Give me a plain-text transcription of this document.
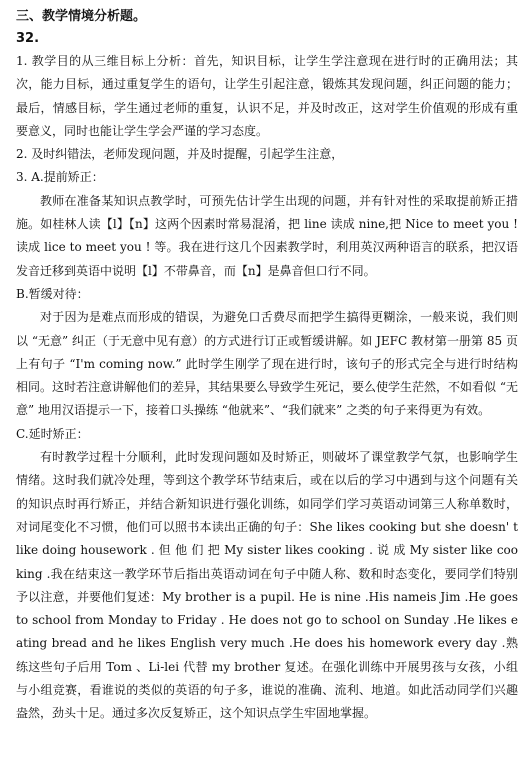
三、教学情境分析题。
32.

1. 教学目的从三维目标上分析：首先，知识目标，让学生学注意现在进行时的正确用法；其次，能力目标，通过重复学生的语句，让学生引起注意，锻炼其发现问题，纠正问题的能力；最后，情感目标，学生通过老师的重复，认识不足，并及时改正，这对学生价值观的形成有重要意义，同时也能让学生学会严谨的学习态度。

2. 及时纠错法，老师发现问题，并及时提醒，引起学生注意，

3. A.提前矫正：

教师在准备某知识点教学时，可预先估计学生出现的问题，并有针对性的采取提前矫正措施。如桂林人读【l】【n】这两个因素时常易混淆，把 line 读成 nine,把 Nice to meet you ! 读成 lice to meet you ! 等。我在进行这几个因素教学时，利用英汉两种语言的联系，把汉语发音迁移到英语中说明【l】不带鼻音，而【n】是鼻音但口行不同。

B.暂缓对待：

对于因为是难点而形成的错误，为避免口舌费尽而把学生搞得更糊涂，一般来说，我们则以 “无意” 纠正（于无意中见有意）的方式进行订正或暂缓讲解。如 JEFC 教材第一册第 85 页上有句子 “I'm coming now.” 此时学生刚学了现在进行时，该句子的形式完全与进行时结构相同。这时若注意讲解他们的差异，其结果要么导致学生死记，要么使学生茫然，不如看似 “无意” 地用汉语提示一下，接着口头操练 “他就来”、“我们就来” 之类的句子来得更为有效。

C.延时矫正：

有时教学过程十分顺利，此时发现问题如及时矫正，则破坏了课堂教学气氛，也影响学生情绪。这时我们就冷处理，等到这个教学环节结束后，或在以后的学习中遇到与这个问题有关的知识点时再行矫正，并结合新知识进行强化训练，如同学们学习英语动词第三人称单数时，对词尾变化不习惯，他们可以照书本读出正确的句子：She likes cooking but she doesn' t like doing housework . 但 他 们 把 My sister likes cooking . 说 成 My sister like cooking .我在结束这一教学环节后指出英语动词在句子中随人称、数和时态变化，要同学们特别予以注意，并要他们复述：My brother is a pupil. He is nine .His nameis Jim .He goes to school from Monday to Friday . He does not go to school on Sunday .He likes eating bread and he likes English very much .He does his homework every day .熟练这些句子后用 Tom 、Li-lei 代替 my brother 复述。在强化训练中开展男孩与女孩，小组与小组竞赛，看谁说的类似的英语的句子多，谁说的准确、流利、地道。如此活动同学们兴趣盎然，劲头十足。通过多次反复矫正，这个知识点学生牢固地掌握。
